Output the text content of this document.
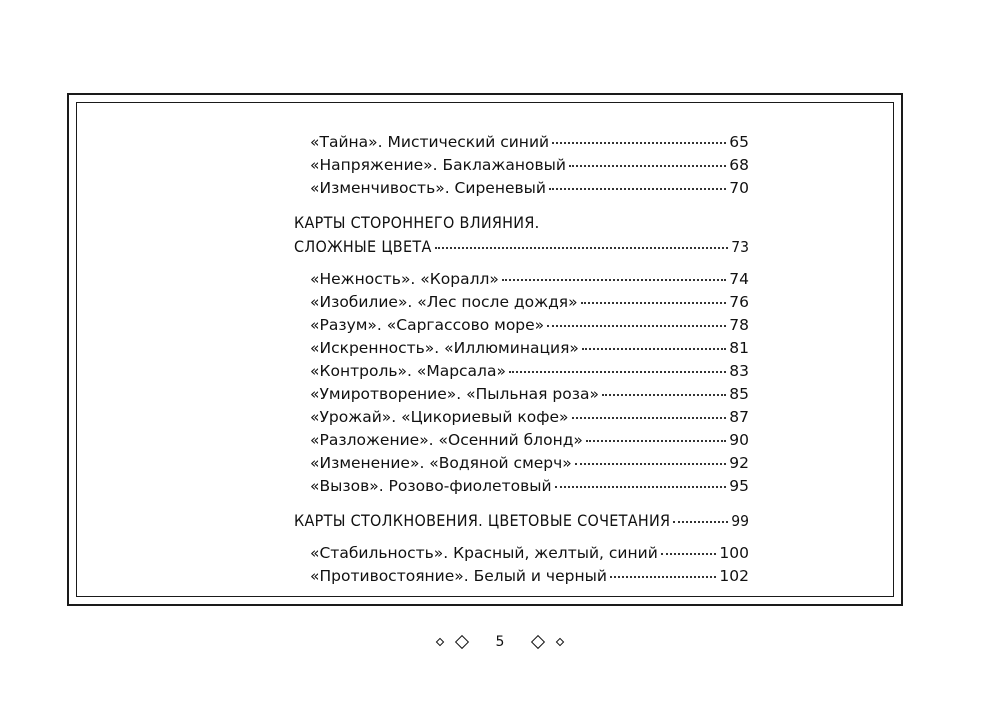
«Тайна». Мистический синий	65
«Напряжение». Баклажановый	68
«Изменчивость». Сиреневый	70
КАРТЫ СТОРОННЕГО ВЛИЯНИЯ.
СЛОЖНЫЕ ЦВЕТА	73
«Нежность». «Коралл»	74
«Изобилие». «Лес после дождя»	76
«Разум». «Саргассово море»	78
«Искренность». «Иллюминация»	81
«Контроль». «Марсала»	83
«Умиротворение». «Пыльная роза»	85
«Урожай». «Цикориевый кофе»	87
«Разложение». «Осенний блонд»	90
«Изменение». «Водяной смерч»	92
«Вызов». Розово-фиолетовый	95
КАРТЫ СТОЛКНОВЕНИЯ. ЦВЕТОВЫЕ СОЧЕТАНИЯ	99
«Стабильность». Красный, желтый, синий	100
«Противостояние». Белый и черный	102
5
